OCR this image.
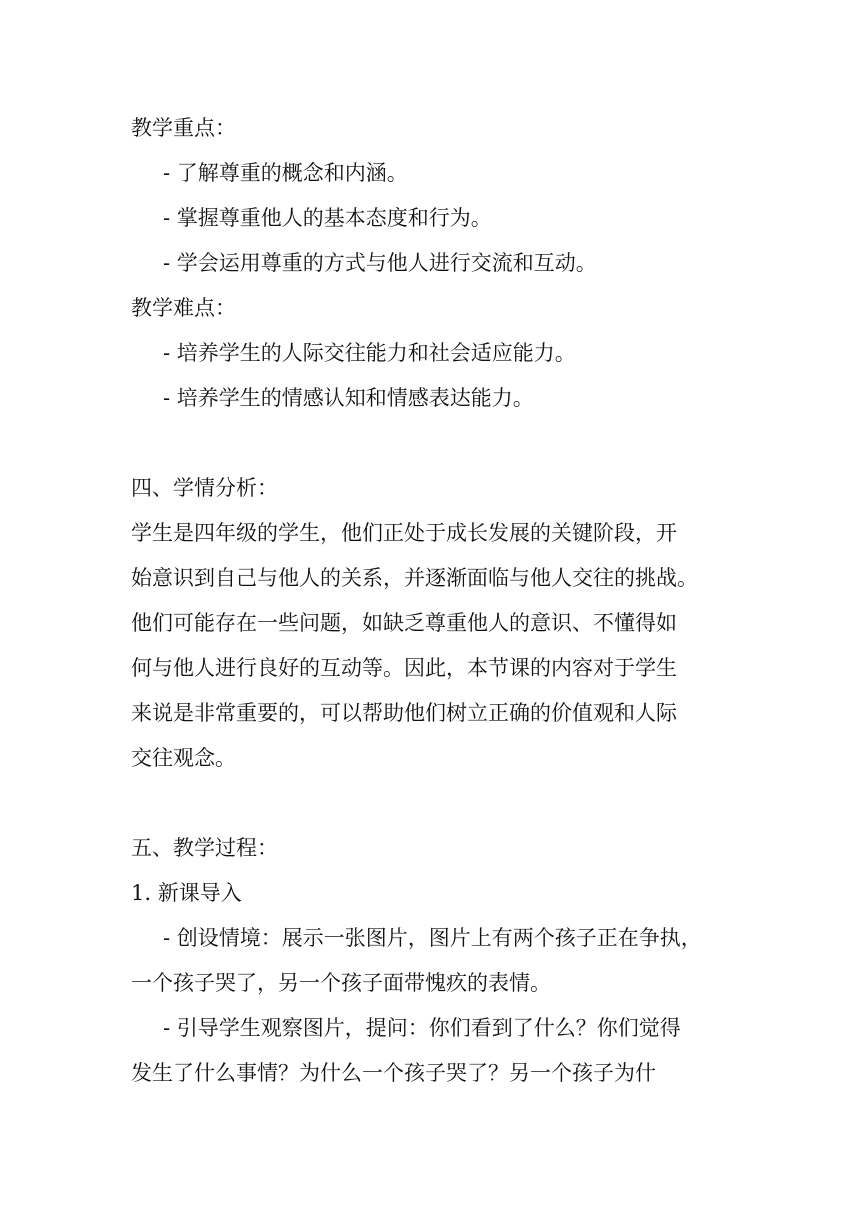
教学重点：
- 了解尊重的概念和内涵。
- 掌握尊重他人的基本态度和行为。
- 学会运用尊重的方式与他人进行交流和互动。
教学难点：
- 培养学生的人际交往能力和社会适应能力。
- 培养学生的情感认知和情感表达能力。
四、学情分析：
学生是四年级的学生，他们正处于成长发展的关键阶段，开
始意识到自己与他人的关系，并逐渐面临与他人交往的挑战。
他们可能存在一些问题，如缺乏尊重他人的意识、不懂得如
何与他人进行良好的互动等。因此，本节课的内容对于学生
来说是非常重要的，可以帮助他们树立正确的价值观和人际
交往观念。
五、教学过程：
1. 新课导入
- 创设情境：展示一张图片，图片上有两个孩子正在争执，
一个孩子哭了，另一个孩子面带愧疚的表情。
- 引导学生观察图片，提问：你们看到了什么？你们觉得
发生了什么事情？为什么一个孩子哭了？另一个孩子为什
